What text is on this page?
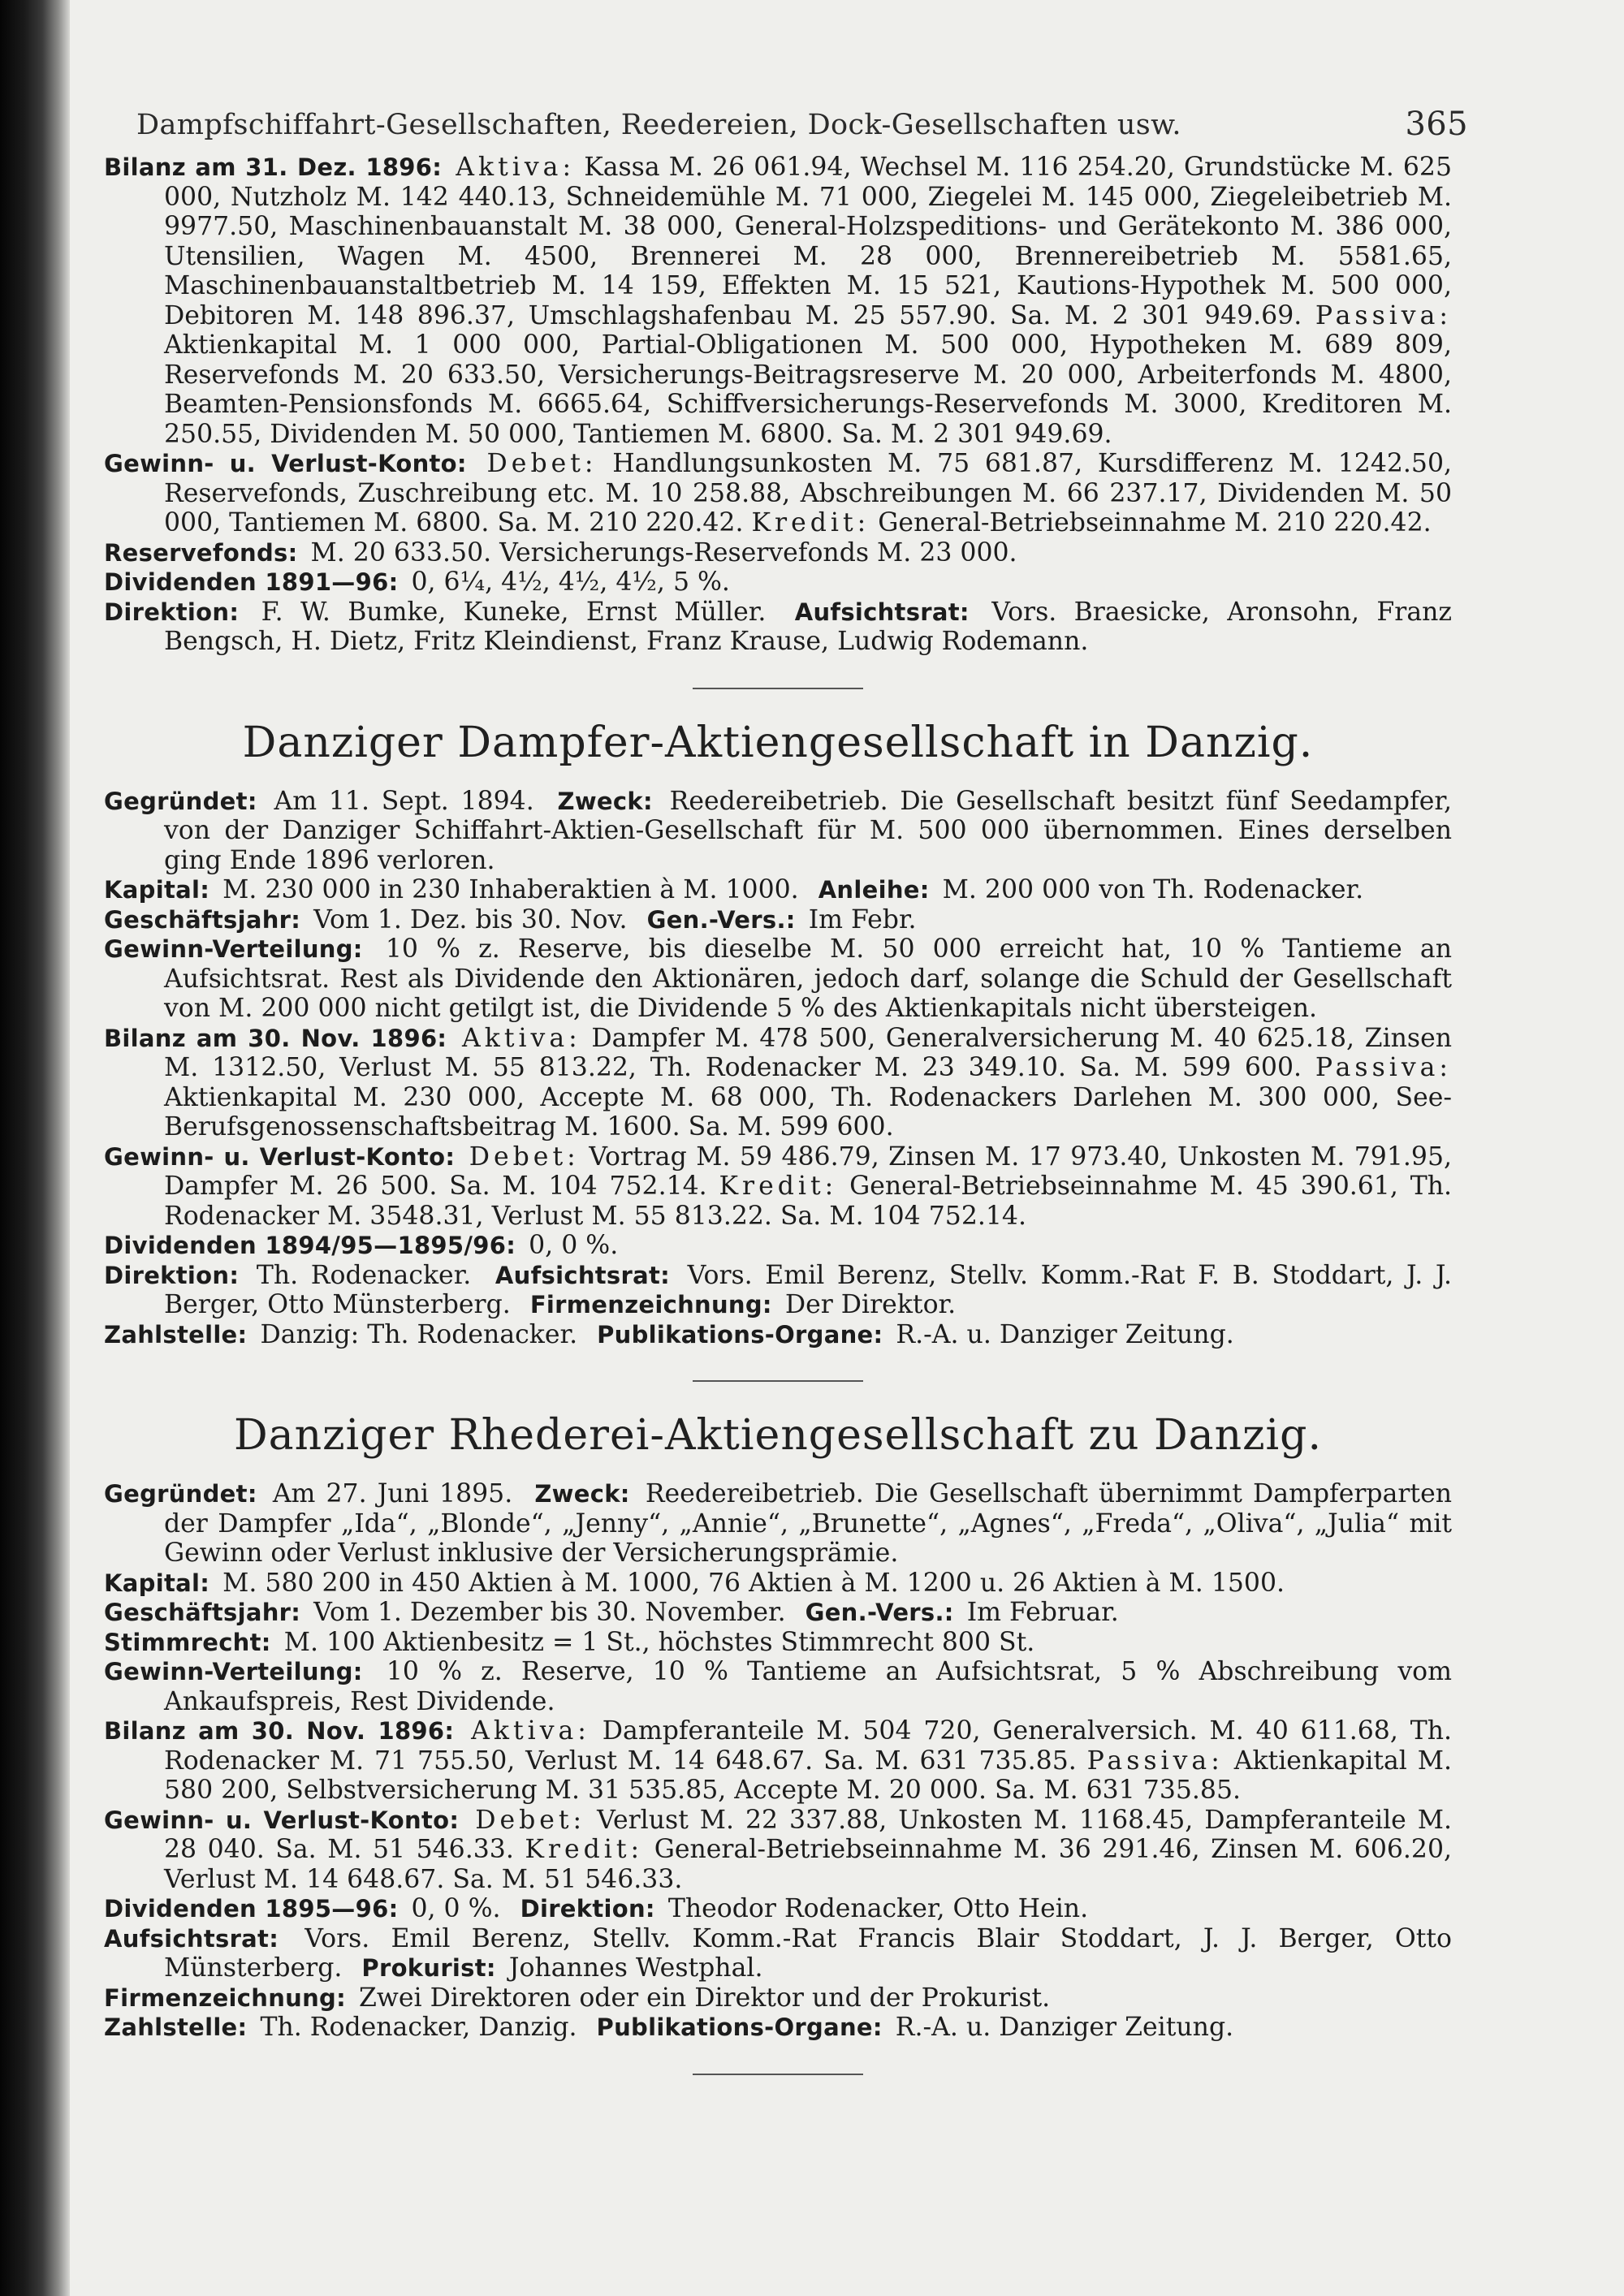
Dampfschiffahrt-Gesellschaften, Reedereien, Dock-Gesellschaften usw.	365

Bilanz am 31. Dez. 1896: Aktiva: Kassa M. 26 061.94, Wechsel M. 116 254.20, Grundstücke M. 625 000, Nutzholz M. 142 440.13, Schneidemühle M. 71 000, Ziegelei M. 145 000, Ziegeleibetrieb M. 9977.50, Maschinenbauanstalt M. 38 000, General-Holzspeditions- und Gerätekonto M. 386 000, Utensilien, Wagen M. 4500, Brennerei M. 28 000, Brennereibetrieb M. 5581.65, Maschinenbauanstaltbetrieb M. 14 159, Effekten M. 15 521, Kautions-Hypothek M. 500 000, Debitoren M. 148 896.37, Umschlagshafenbau M. 25 557.90. Sa. M. 2 301 949.69. Passiva: Aktienkapital M. 1 000 000, Partial-Obligationen M. 500 000, Hypotheken M. 689 809, Reservefonds M. 20 633.50, Versicherungs-Beitragsreserve M. 20 000, Arbeiterfonds M. 4800, Beamten-Pensionsfonds M. 6665.64, Schiffversicherungs-Reservefonds M. 3000, Kreditoren M. 250.55, Dividenden M. 50 000, Tantiemen M. 6800. Sa. M. 2 301 949.69.

Gewinn- u. Verlust-Konto: Debet: Handlungsunkosten M. 75 681.87, Kursdifferenz M. 1242.50, Reservefonds, Zuschreibung etc. M. 10 258.88, Abschreibungen M. 66 237.17, Dividenden M. 50 000, Tantiemen M. 6800. Sa. M. 210 220.42. Kredit: General-Betriebseinnahme M. 210 220.42.

Reservefonds: M. 20 633.50. Versicherungs-Reservefonds M. 23 000.

Dividenden 1891—96: 0, 6¼, 4½, 4½, 4½, 5 %.

Direktion: F. W. Bumke, Kuneke, Ernst Müller. Aufsichtsrat: Vors. Braesicke, Aronsohn, Franz Bengsch, H. Dietz, Fritz Kleindienst, Franz Krause, Ludwig Rodemann.

Danziger Dampfer-Aktiengesellschaft in Danzig.

Gegründet: Am 11. Sept. 1894. Zweck: Reedereibetrieb. Die Gesellschaft besitzt fünf Seedampfer, von der Danziger Schiffahrt-Aktien-Gesellschaft für M. 500 000 übernommen. Eines derselben ging Ende 1896 verloren.

Kapital: M. 230 000 in 230 Inhaberaktien à M. 1000. Anleihe: M. 200 000 von Th. Rodenacker.

Geschäftsjahr: Vom 1. Dez. bis 30. Nov. Gen.-Vers.: Im Febr.

Gewinn-Verteilung: 10 % z. Reserve, bis dieselbe M. 50 000 erreicht hat, 10 % Tantieme an Aufsichtsrat. Rest als Dividende den Aktionären, jedoch darf, solange die Schuld der Gesellschaft von M. 200 000 nicht getilgt ist, die Dividende 5 % des Aktienkapitals nicht übersteigen.

Bilanz am 30. Nov. 1896: Aktiva: Dampfer M. 478 500, Generalversicherung M. 40 625.18, Zinsen M. 1312.50, Verlust M. 55 813.22, Th. Rodenacker M. 23 349.10. Sa. M. 599 600. Passiva: Aktienkapital M. 230 000, Accepte M. 68 000, Th. Rodenackers Darlehen M. 300 000, See-Berufsgenossenschaftsbeitrag M. 1600. Sa. M. 599 600.

Gewinn- u. Verlust-Konto: Debet: Vortrag M. 59 486.79, Zinsen M. 17 973.40, Unkosten M. 791.95, Dampfer M. 26 500. Sa. M. 104 752.14. Kredit: General-Betriebseinnahme M. 45 390.61, Th. Rodenacker M. 3548.31, Verlust M. 55 813.22. Sa. M. 104 752.14.

Dividenden 1894/95—1895/96: 0, 0 %.

Direktion: Th. Rodenacker. Aufsichtsrat: Vors. Emil Berenz, Stellv. Komm.-Rat F. B. Stoddart, J. J. Berger, Otto Münsterberg. Firmenzeichnung: Der Direktor.

Zahlstelle: Danzig: Th. Rodenacker. Publikations-Organe: R.-A. u. Danziger Zeitung.

Danziger Rhederei-Aktiengesellschaft zu Danzig.

Gegründet: Am 27. Juni 1895. Zweck: Reedereibetrieb. Die Gesellschaft übernimmt Dampferparten der Dampfer „Ida“, „Blonde“, „Jenny“, „Annie“, „Brunette“, „Agnes“, „Freda“, „Oliva“, „Julia“ mit Gewinn oder Verlust inklusive der Versicherungsprämie.

Kapital: M. 580 200 in 450 Aktien à M. 1000, 76 Aktien à M. 1200 u. 26 Aktien à M. 1500.

Geschäftsjahr: Vom 1. Dezember bis 30. November. Gen.-Vers.: Im Februar.

Stimmrecht: M. 100 Aktienbesitz = 1 St., höchstes Stimmrecht 800 St.

Gewinn-Verteilung: 10 % z. Reserve, 10 % Tantieme an Aufsichtsrat, 5 % Abschreibung vom Ankaufspreis, Rest Dividende.

Bilanz am 30. Nov. 1896: Aktiva: Dampferanteile M. 504 720, Generalversich. M. 40 611.68, Th. Rodenacker M. 71 755.50, Verlust M. 14 648.67. Sa. M. 631 735.85. Passiva: Aktienkapital M. 580 200, Selbstversicherung M. 31 535.85, Accepte M. 20 000. Sa. M. 631 735.85.

Gewinn- u. Verlust-Konto: Debet: Verlust M. 22 337.88, Unkosten M. 1168.45, Dampferanteile M. 28 040. Sa. M. 51 546.33. Kredit: General-Betriebseinnahme M. 36 291.46, Zinsen M. 606.20, Verlust M. 14 648.67. Sa. M. 51 546.33.

Dividenden 1895—96: 0, 0 %. Direktion: Theodor Rodenacker, Otto Hein.

Aufsichtsrat: Vors. Emil Berenz, Stellv. Komm.-Rat Francis Blair Stoddart, J. J. Berger, Otto Münsterberg. Prokurist: Johannes Westphal.

Firmenzeichnung: Zwei Direktoren oder ein Direktor und der Prokurist.

Zahlstelle: Th. Rodenacker, Danzig. Publikations-Organe: R.-A. u. Danziger Zeitung.
